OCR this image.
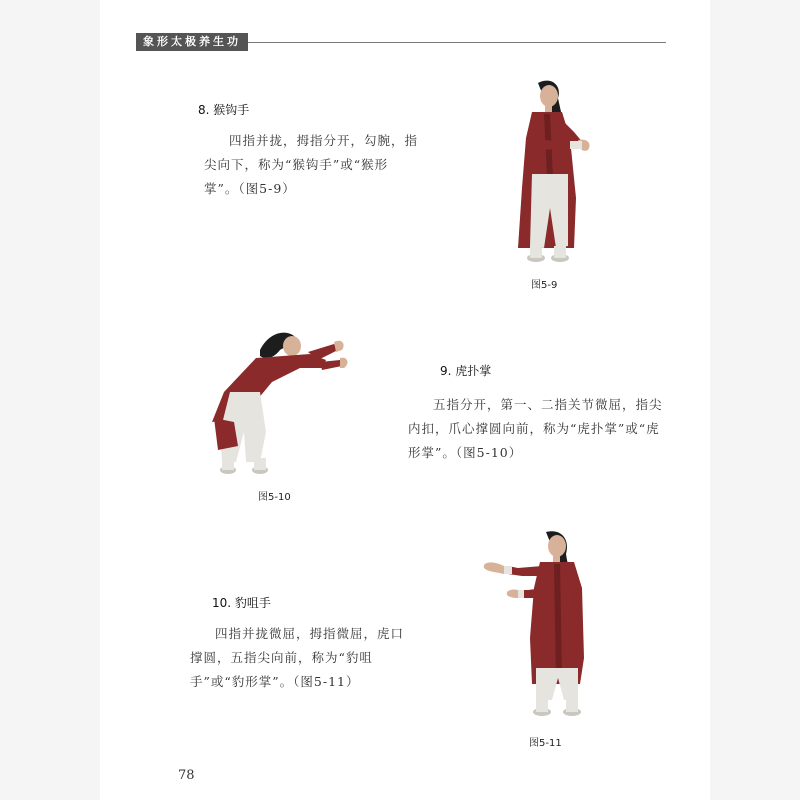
象形太极养生功
8. 猴钩手
四指并拢，拇指分开，勾腕，指尖向下，称为“猴钩手”或“猴形掌”。（图5-9）
图5-9
图5-10
9. 虎扑掌
五指分开，第一、二指关节微屈，指尖内扣，爪心撑圆向前，称为“虎扑掌”或“虎形掌”。（图5-10）
10. 豹咀手
四指并拢微屈，拇指微屈，虎口撑圆，五指尖向前，称为“豹咀手”或“豹形掌”。（图5-11）
图5-11
78
